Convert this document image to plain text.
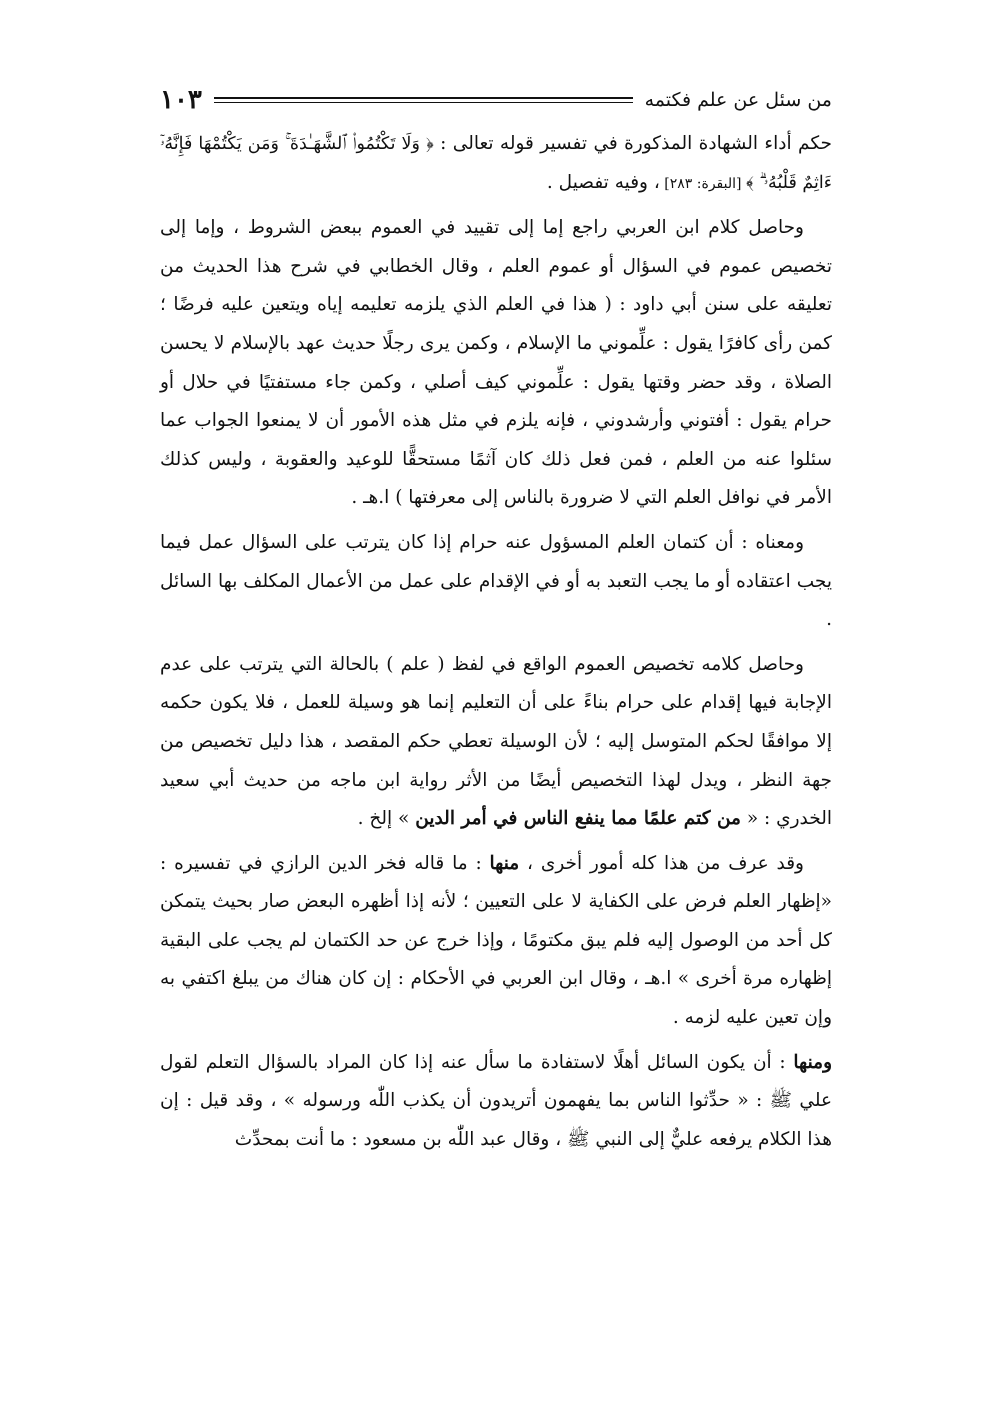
من سئل عن علم فكتمه
١٠٣

حكم أداء الشهادة المذكورة في تفسير قوله تعالى : ﴿ وَلَا تَكْتُمُوا۟ ٱلشَّهَـٰدَةَ ۚ وَمَن يَكْتُمْهَا فَإِنَّهُۥٓ ءَاثِمٌ قَلْبُهُۥ ۗ ﴾ [البقرة: ٢٨٣] ، وفيه تفصيل .

وحاصل كلام ابن العربي راجع إما إلى تقييد في العموم ببعض الشروط ، وإما إلى تخصيص عموم في السؤال أو عموم العلم ، وقال الخطابي في شرح هذا الحديث من تعليقه على سنن أبي داود : ( هذا في العلم الذي يلزمه تعليمه إياه ويتعين عليه فرضًا ؛ كمن رأى كافرًا يقول : علِّموني ما الإسلام ، وكمن يرى رجلًا حديث عهد بالإسلام لا يحسن الصلاة ، وقد حضر وقتها يقول : علِّموني كيف أصلي ، وكمن جاء مستفتيًا في حلال أو حرام يقول : أفتوني وأرشدوني ، فإنه يلزم في مثل هذه الأمور أن لا يمنعوا الجواب عما سئلوا عنه من العلم ، فمن فعل ذلك كان آثمًا مستحقًّا للوعيد والعقوبة ، وليس كذلك الأمر في نوافل العلم التي لا ضرورة بالناس إلى معرفتها ) ا.هـ .

ومعناه : أن كتمان العلم المسؤول عنه حرام إذا كان يترتب على السؤال عمل فيما يجب اعتقاده أو ما يجب التعبد به أو في الإقدام على عمل من الأعمال المكلف بها السائل .

وحاصل كلامه تخصيص العموم الواقع في لفظ ( علم ) بالحالة التي يترتب على عدم الإجابة فيها إقدام على حرام بناءً على أن التعليم إنما هو وسيلة للعمل ، فلا يكون حكمه إلا موافقًا لحكم المتوسل إليه ؛ لأن الوسيلة تعطي حكم المقصد ، هذا دليل تخصيص من جهة النظر ، ويدل لهذا التخصيص أيضًا من الأثر رواية ابن ماجه من حديث أبي سعيد الخدري : « من كتم علمًا مما ينفع الناس في أمر الدين » إلخ .

وقد عرف من هذا كله أمور أخرى ، منها : ما قاله فخر الدين الرازي في تفسيره : «إظهار العلم فرض على الكفاية لا على التعيين ؛ لأنه إذا أظهره البعض صار بحيث يتمكن كل أحد من الوصول إليه فلم يبق مكتومًا ، وإذا خرج عن حد الكتمان لم يجب على البقية إظهاره مرة أخرى » ا.هـ ، وقال ابن العربي في الأحكام : إن كان هناك من يبلغ اكتفي به وإن تعين عليه لزمه .

ومنها : أن يكون السائل أهلًا لاستفادة ما سأل عنه إذا كان المراد بالسؤال التعلم لقول علي ﷺ : « حدِّثوا الناس بما يفهمون أتريدون أن يكذب اللّٰه ورسوله » ، وقد قيل : إن هذا الكلام يرفعه عليٌّ إلى النبي ﷺ ، وقال عبد اللّٰه بن مسعود : ما أنت بمحدِّث
